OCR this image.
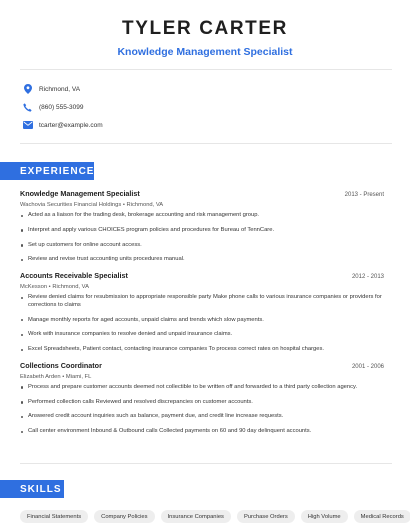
TYLER CARTER
Knowledge Management Specialist
Richmond, VA
(860) 555-3099
tcarter@example.com
EXPERIENCE
Knowledge Management Specialist	2013 - Present
Wachovia Securities Financial Holdings • Richmond, VA
Acted as a liaison for the trading desk, brokerage accounting and risk management group.
Interpret and apply various CHOICES program policies and procedures for Bureau of TennCare.
Set up customers for online account access.
Review and revise trust accounting units procedures manual.
Accounts Receivable Specialist	2012 - 2013
McKesson • Richmond, VA
Review denied claims for resubmission to appropriate responsible party Make phone calls to various insurance companies or providers for corrections to claims
Manage monthly reports for aged accounts, unpaid claims and trends which slow payments.
Work with insurance companies to resolve denied and unpaid insurance claims.
Excel Spreadsheets, Patient contact, contacting insurance companies To process correct rates on hospital charges.
Collections Coordinator	2001 - 2006
Elizabeth Arden • Miami, FL
Process and prepare customer accounts deemed not collectible to be written off and forwarded to a third party collection agency.
Performed collection calls Reviewed and resolved discrepancies on customer accounts.
Answered credit account inquiries such as balance, payment due, and credit line increase requests.
Call center environment Inbound & Outbound calls Collected payments on 60 and 90 day delinquent accounts.
SKILLS
Financial Statements	Company Policies	Insurance Companies	Purchase Orders	High Volume	Medical Records
